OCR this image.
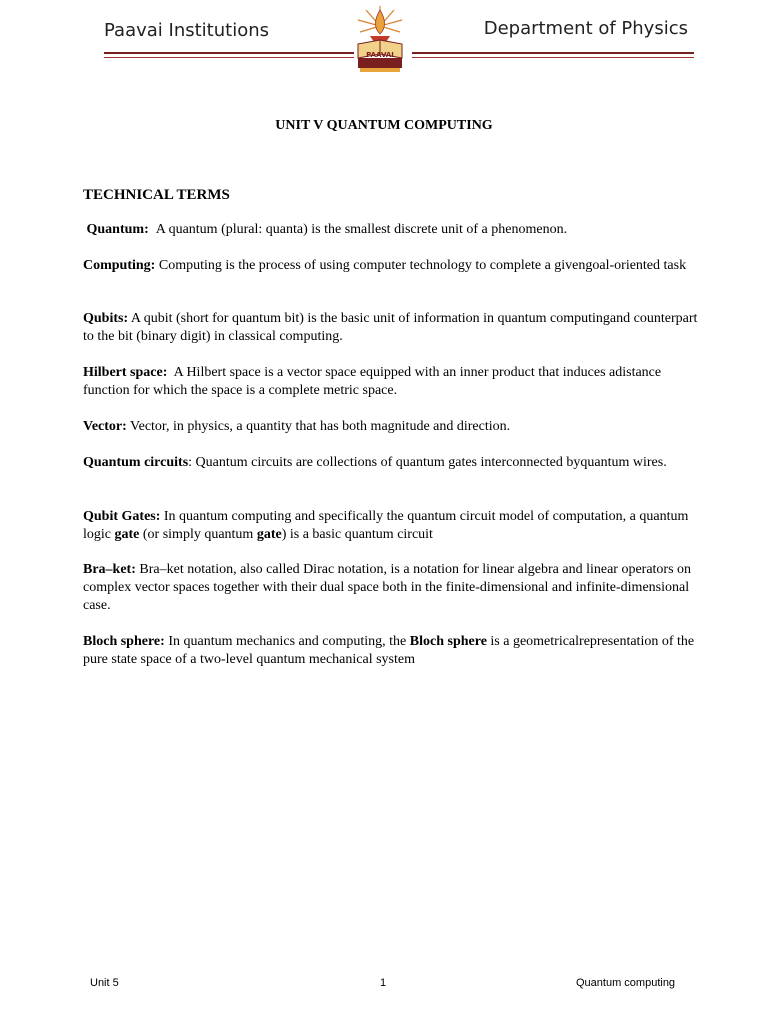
Paavai Institutions	Department of Physics
PAAVAI
UNIT V QUANTUM COMPUTING
TECHNICAL TERMS
Quantum: A quantum (plural: quanta) is the smallest discrete unit of a phenomenon.
Computing: Computing is the process of using computer technology to complete a givengoal-oriented task
Qubits: A qubit (short for quantum bit) is the basic unit of information in quantum computingand counterpart to the bit (binary digit) in classical computing.
Hilbert space: A Hilbert space is a vector space equipped with an inner product that induces adistance function for which the space is a complete metric space.
Vector: Vector, in physics, a quantity that has both magnitude and direction.
Quantum circuits: Quantum circuits are collections of quantum gates interconnected byquantum wires.
Qubit Gates: In quantum computing and specifically the quantum circuit model of computation, a quantum logic gate (or simply quantum gate) is a basic quantum circuit
Bra–ket: Bra–ket notation, also called Dirac notation, is a notation for linear algebra and linear operators on complex vector spaces together with their dual space both in the finite-dimensional and infinite-dimensional case.
Bloch sphere: In quantum mechanics and computing, the Bloch sphere is a geometricalrepresentation of the pure state space of a two-level quantum mechanical system
Unit 5	1	Quantum computing
